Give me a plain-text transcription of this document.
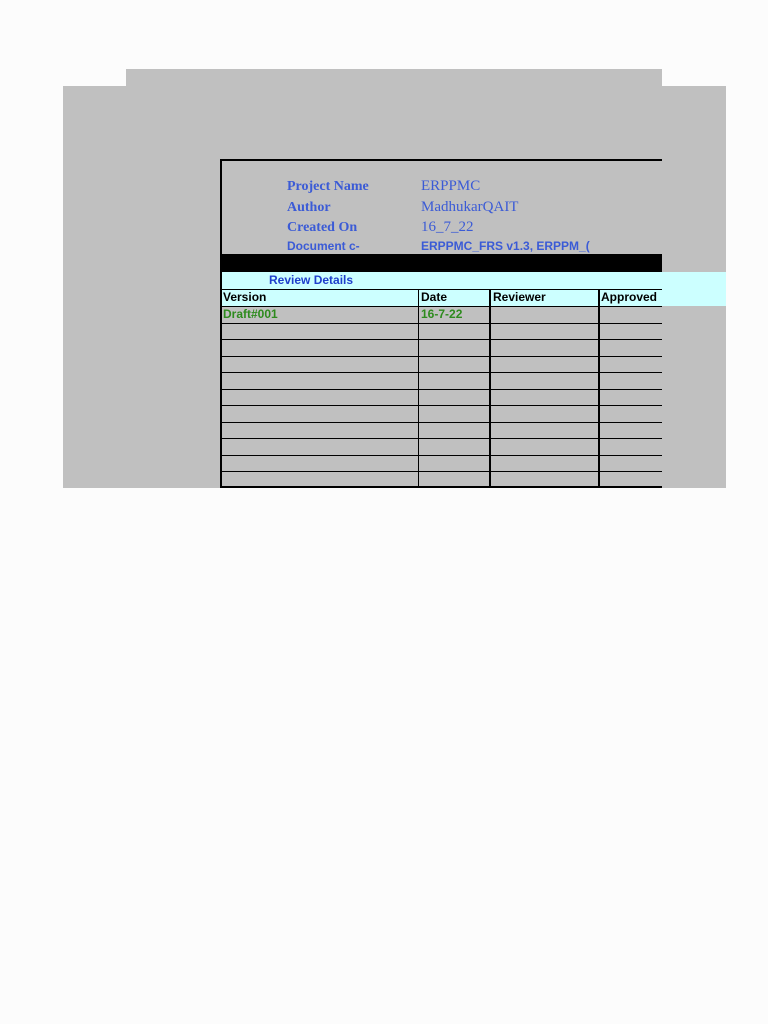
Project Name	ERPPMC
Author	MadhukarQAIT
Created On	16_7_22
Document c-	ERPPMC_FRS v1.3, ERPPM_(
Review Details
Version	Date	Reviewer	Approved
Draft#001	16-7-22
